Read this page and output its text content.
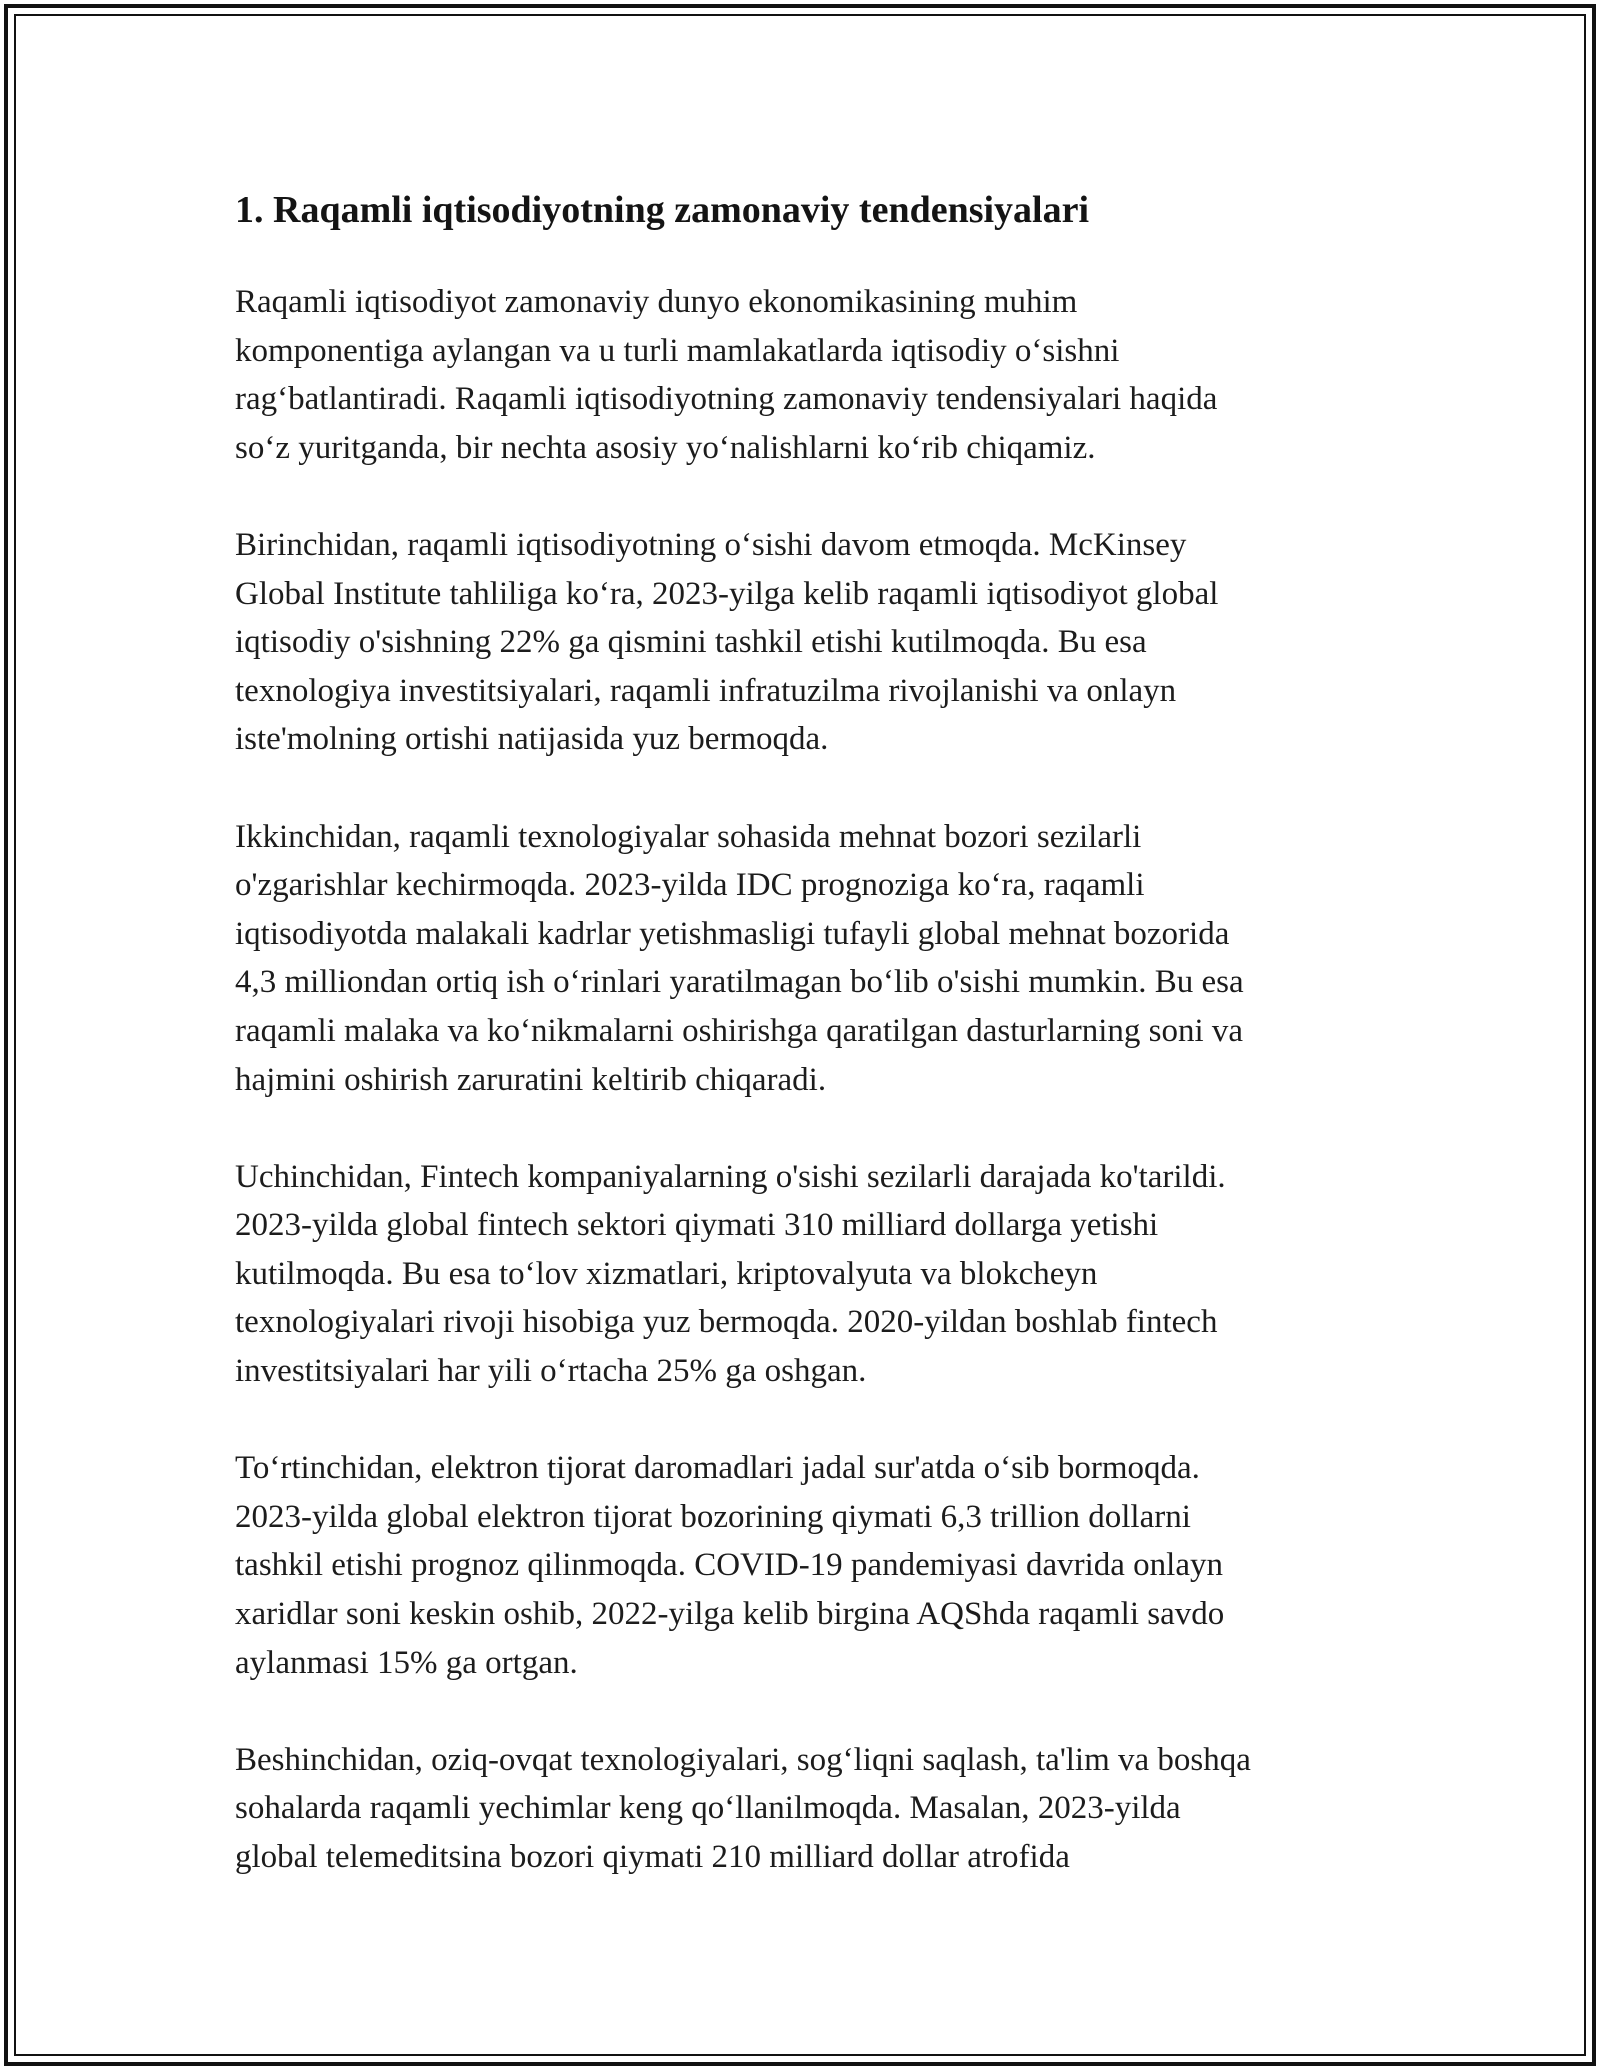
1. Raqamli iqtisodiyotning zamonaviy tendensiyalari

Raqamli iqtisodiyot zamonaviy dunyo ekonomikasining muhim
komponentiga aylangan va u turli mamlakatlarda iqtisodiy oʻsishni
ragʻbatlantiradi. Raqamli iqtisodiyotning zamonaviy tendensiyalari haqida
soʻz yuritganda, bir nechta asosiy yoʻnalishlarni koʻrib chiqamiz.

Birinchidan, raqamli iqtisodiyotning oʻsishi davom etmoqda. McKinsey
Global Institute tahliliga koʻra, 2023-yilga kelib raqamli iqtisodiyot global
iqtisodiy o'sishning 22% ga qismini tashkil etishi kutilmoqda. Bu esa
texnologiya investitsiyalari, raqamli infratuzilma rivojlanishi va onlayn
iste'molning ortishi natijasida yuz bermoqda.

Ikkinchidan, raqamli texnologiyalar sohasida mehnat bozori sezilarli
o'zgarishlar kechirmoqda. 2023-yilda IDC prognoziga koʻra, raqamli
iqtisodiyotda malakali kadrlar yetishmasligi tufayli global mehnat bozorida
4,3 milliondan ortiq ish oʻrinlari yaratilmagan boʻlib o'sishi mumkin. Bu esa
raqamli malaka va koʻnikmalarni oshirishga qaratilgan dasturlarning soni va
hajmini oshirish zaruratini keltirib chiqaradi.

Uchinchidan, Fintech kompaniyalarning o'sishi sezilarli darajada ko'tarildi.
2023-yilda global fintech sektori qiymati 310 milliard dollarga yetishi
kutilmoqda. Bu esa toʻlov xizmatlari, kriptovalyuta va blokcheyn
texnologiyalari rivoji hisobiga yuz bermoqda. 2020-yildan boshlab fintech
investitsiyalari har yili oʻrtacha 25% ga oshgan.

Toʻrtinchidan, elektron tijorat daromadlari jadal sur'atda oʻsib bormoqda.
2023-yilda global elektron tijorat bozorining qiymati 6,3 trillion dollarni
tashkil etishi prognoz qilinmoqda. COVID-19 pandemiyasi davrida onlayn
xaridlar soni keskin oshib, 2022-yilga kelib birgina AQShda raqamli savdo
aylanmasi 15% ga ortgan.

Beshinchidan, oziq-ovqat texnologiyalari, sogʻliqni saqlash, ta'lim va boshqa
sohalarda raqamli yechimlar keng qoʻllanilmoqda. Masalan, 2023-yilda
global telemeditsina bozori qiymati 210 milliard dollar atrofida
